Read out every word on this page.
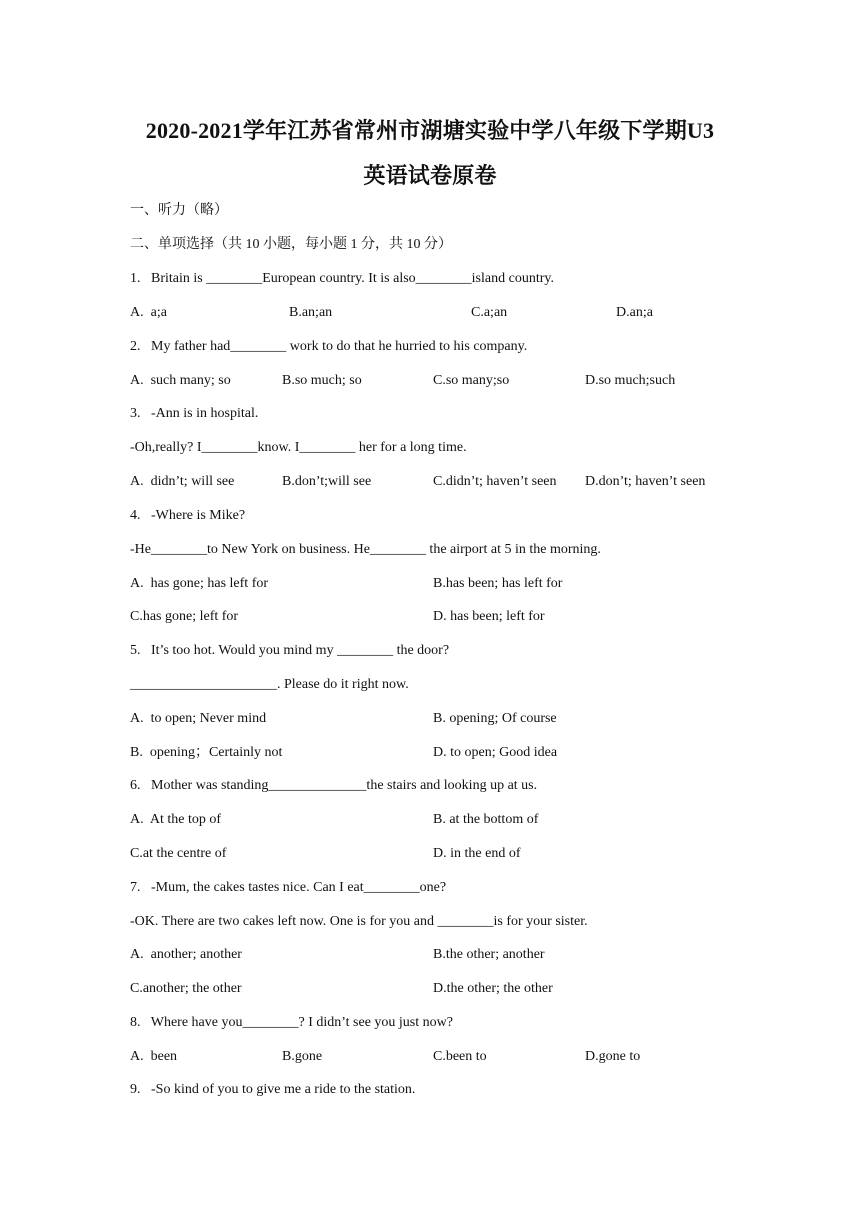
2020-2021学年江苏省常州市湖塘实验中学八年级下学期U3
英语试卷原卷
一、听力（略）
二、单项选择（共 10 小题，每小题 1 分，共 10 分）
1.   Britain is ________European country. It is also________island country.
A.  a;a	B.an;an	C.a;an	D.an;a
2.   My father had________ work to do that he hurried to his company.
A.  such many; so	B.so much; so	C.so many;so	D.so much;such
3.   -Ann is in hospital.
-Oh,really? I________know. I________ her for a long time.
A.  didn’t; will see	B.don’t;will see	C.didn’t; haven’t seen D.don’t; haven’t seen
4.   -Where is Mike?
-He________to New York on business. He________ the airport at 5 in the morning.
A.  has gone; has left for	B.has been; has left for
C.has gone; left for	D. has been; left for
5.   It’s too hot. Would you mind my ________ the door?
_____________________. Please do it right now.
A.  to open; Never mind	B. opening; Of course
B.  opening；Certainly not	D. to open; Good idea
6.   Mother was standing______________the stairs and looking up at us.
A.  At the top of	B. at the bottom of
C.at the centre of	D. in the end of
7.   -Mum, the cakes tastes nice. Can I eat________one?
-OK. There are two cakes left now. One is for you and ________is for your sister.
A.  another; another	B.the other; another
C.another; the other	D.the other; the other
8.   Where have you________? I didn’t see you just now?
A.  been	B.gone	C.been to	D.gone to
9.   -So kind of you to give me a ride to the station.
